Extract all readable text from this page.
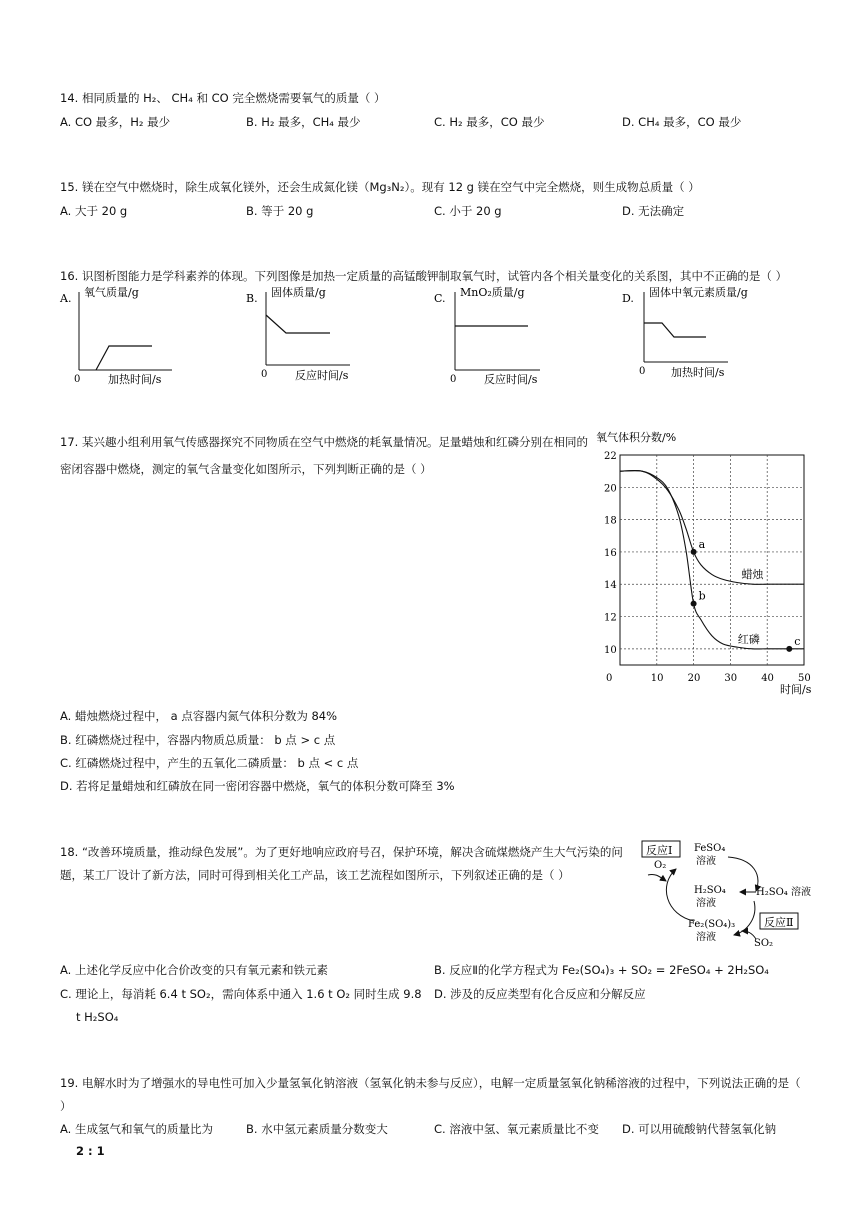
14. 相同质量的 H₂、 CH₄ 和 CO 完全燃烧需要氧气的质量（ ）
A. CO 最多，H₂ 最少	B. H₂ 最多，CH₄ 最少	C. H₂ 最多，CO 最少	D. CH₄ 最多，CO 最少
15. 镁在空气中燃烧时，除生成氧化镁外，还会生成氮化镁（Mg₃N₂）。现有 12 g 镁在空气中完全燃烧，则生成物总质量（ ）
A. 大于 20 g	B. 等于 20 g	C. 小于 20 g	D. 无法确定
16. 识图析图能力是学科素养的体现。下列图像是加热一定质量的高锰酸钾制取氧气时，试管内各个相关量变化的关系图，其中不正确的是（ ）
A. 氧气质量/g
0	加热时间/s
B. 固体质量/g
0	反应时间/s
C. MnO₂质量/g
0	反应时间/s
D. 固体中氧元素质量/g
0 加热时间/s
17. 某兴趣小组利用氧气传感器探究不同物质在空气中燃烧的耗氧量情况。足量蜡烛和红磷分别在相同的
密闭容器中燃烧，测定的氧气含量变化如图所示，下列判断正确的是（ ）
氧气体积分数/%
0	10 20 30 40 50
10
12
14
16
18
20
22
蜡烛
红磷
a
b
c
时间/s
A. 蜡烛燃烧过程中， a 点容器内氮气体积分数为 84%
B. 红磷燃烧过程中，容器内物质总质量： b 点 > c 点
C. 红磷燃烧过程中，产生的五氧化二磷质量： b 点 < c 点
D. 若将足量蜡烛和红磷放在同一密闭容器中燃烧，氧气的体积分数可降至 3%
18. “改善环境质量，推动绿色发展”。为了更好地响应政府号召，保护环境，解决含硫煤燃烧产生大气污染的问
题，某工厂设计了新方法，同时可得到相关化工产品，该工艺流程如图所示，下列叙述正确的是（ ）
反应Ⅰ
O₂
FeSO₄
溶液
H₂SO₄
溶液
H₂SO₄ 溶液
Fe₂(SO₄)₃
溶液
反应Ⅱ
SO₂
A. 上述化学反应中化合价改变的只有氧元素和铁元素	B. 反应Ⅱ的化学方程式为 Fe₂(SO₄)₃ + SO₂ = 2FeSO₄ + 2H₂SO₄
C. 理论上，每消耗 6.4 t SO₂，需向体系中通入 1.6 t O₂ 同时生成 9.8
t H₂SO₄
D. 涉及的反应类型有化合反应和分解反应
19. 电解水时为了增强水的导电性可加入少量氢氧化钠溶液（氢氧化钠未参与反应），电解一定质量氢氧化钠稀溶液的过程中，下列说法正确的是（
）
A. 生成氢气和氧气的质量比为
2 : 1
B. 水中氢元素质量分数变大	C. 溶液中氢、氧元素质量比不变 D. 可以用硫酸钠代替氢氧化钠
